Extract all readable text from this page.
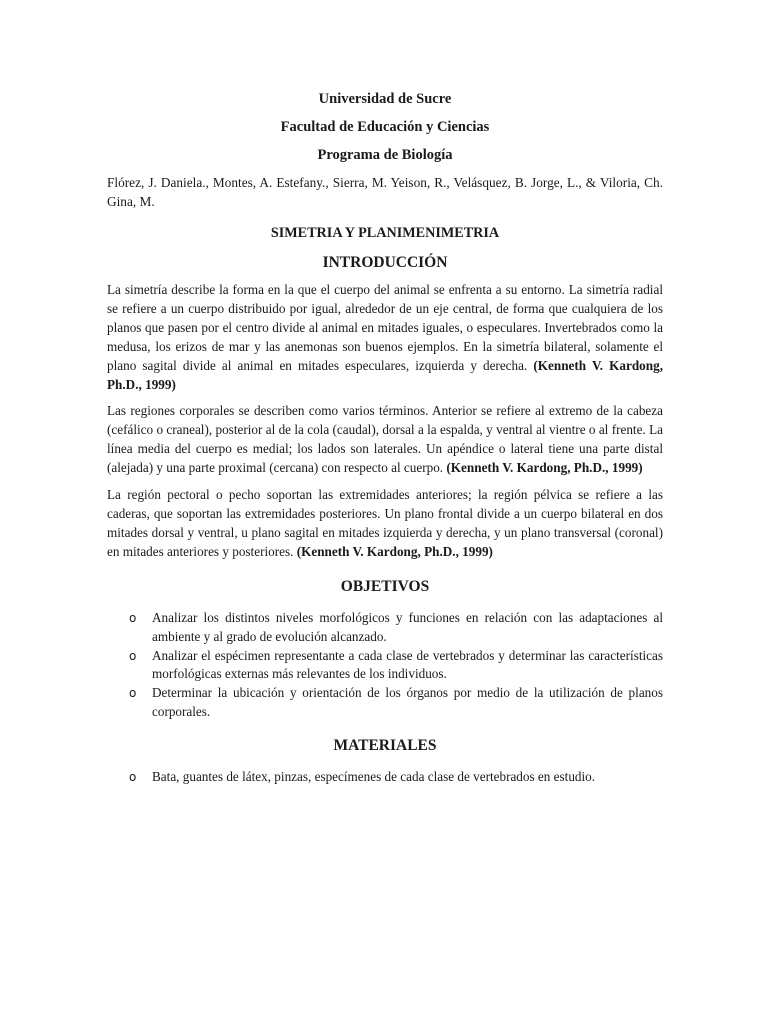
Universidad de Sucre

Facultad de Educación y Ciencias

Programa de Biología

Flórez, J. Daniela., Montes, A. Estefany., Sierra, M. Yeison, R., Velásquez, B. Jorge, L., & Viloria, Ch. Gina, M.

SIMETRIA Y PLANIMENIMETRIA

INTRODUCCIÓN

La simetría describe la forma en la que el cuerpo del animal se enfrenta a su entorno. La simetría radial se refiere a un cuerpo distribuido por igual, alrededor de un eje central, de forma que cualquiera de los planos que pasen por el centro divide al animal en mitades iguales, o especulares. Invertebrados como la medusa, los erizos de mar y las anemonas son buenos ejemplos. En la simetría bilateral, solamente el plano sagital divide al animal en mitades especulares, izquierda y derecha. (Kenneth V. Kardong, Ph.D., 1999)

Las regiones corporales se describen como varios términos. Anterior se refiere al extremo de la cabeza (cefálico o craneal), posterior al de la cola (caudal), dorsal a la espalda, y ventral al vientre o al frente. La línea media del cuerpo es medial; los lados son laterales. Un apéndice o lateral tiene una parte distal (alejada) y una parte proximal (cercana) con respecto al cuerpo. (Kenneth V. Kardong, Ph.D., 1999)

La región pectoral o pecho soportan las extremidades anteriores; la región pélvica se refiere a las caderas, que soportan las extremidades posteriores. Un plano frontal divide a un cuerpo bilateral en dos mitades dorsal y ventral, u plano sagital en mitades izquierda y derecha, y un plano transversal (coronal) en mitades anteriores y posteriores. (Kenneth V. Kardong, Ph.D., 1999)

OBJETIVOS

o Analizar los distintos niveles morfológicos y funciones en relación con las adaptaciones al ambiente y al grado de evolución alcanzado.
o Analizar el espécimen representante a cada clase de vertebrados y determinar las características morfológicas externas más relevantes de los individuos.
o Determinar la ubicación y orientación de los órganos por medio de la utilización de planos corporales.

MATERIALES

o Bata, guantes de látex, pinzas, especímenes de cada clase de vertebrados en estudio.
